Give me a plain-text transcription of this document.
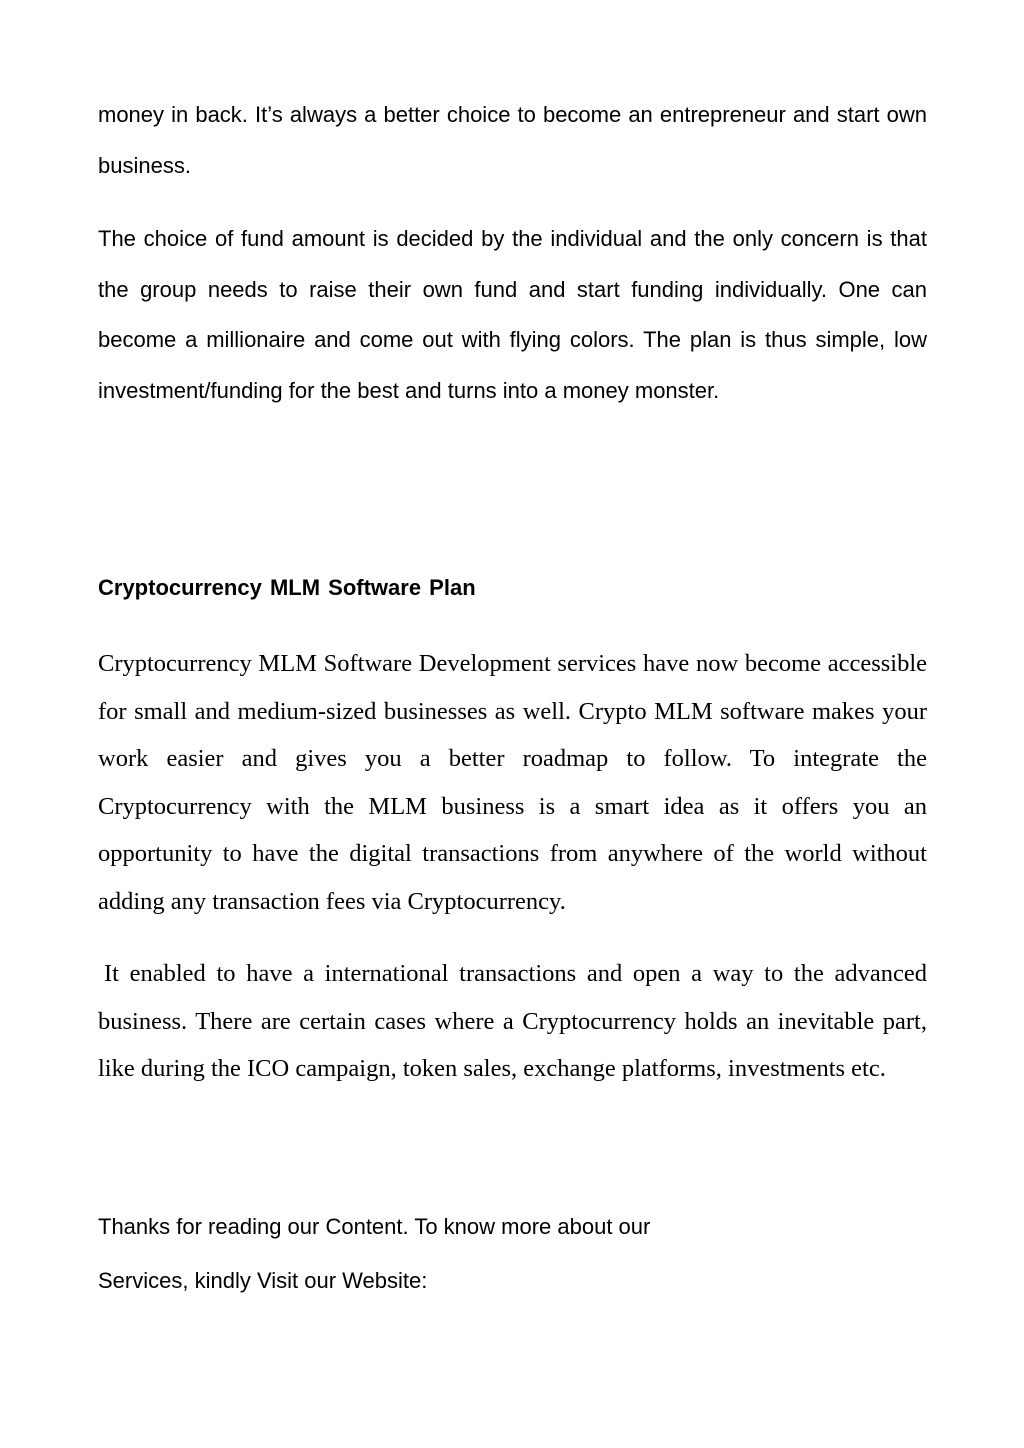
money in back. It’s always a better choice to become an entrepreneur and start own business.

The choice of fund amount is decided by the individual and the only concern is that the group needs to raise their own fund and start funding individually. One can become a millionaire and come out with flying colors. The plan is thus simple, low investment/funding for the best and turns into a money monster.

Cryptocurrency MLM Software Plan

Cryptocurrency MLM Software Development services have now become accessible for small and medium-sized businesses as well. Crypto MLM software makes your work easier and gives you a better roadmap to follow. To integrate the Cryptocurrency with the MLM business is a smart idea as it offers you an opportunity to have the digital transactions from anywhere of the world without adding any transaction fees via Cryptocurrency.

It enabled to have a international transactions and open a way to the advanced business. There are certain cases where a Cryptocurrency holds an inevitable part, like during the ICO campaign, token sales, exchange platforms, investments etc.

Thanks for reading our Content. To know more about our
Services, kindly Visit our Website:
